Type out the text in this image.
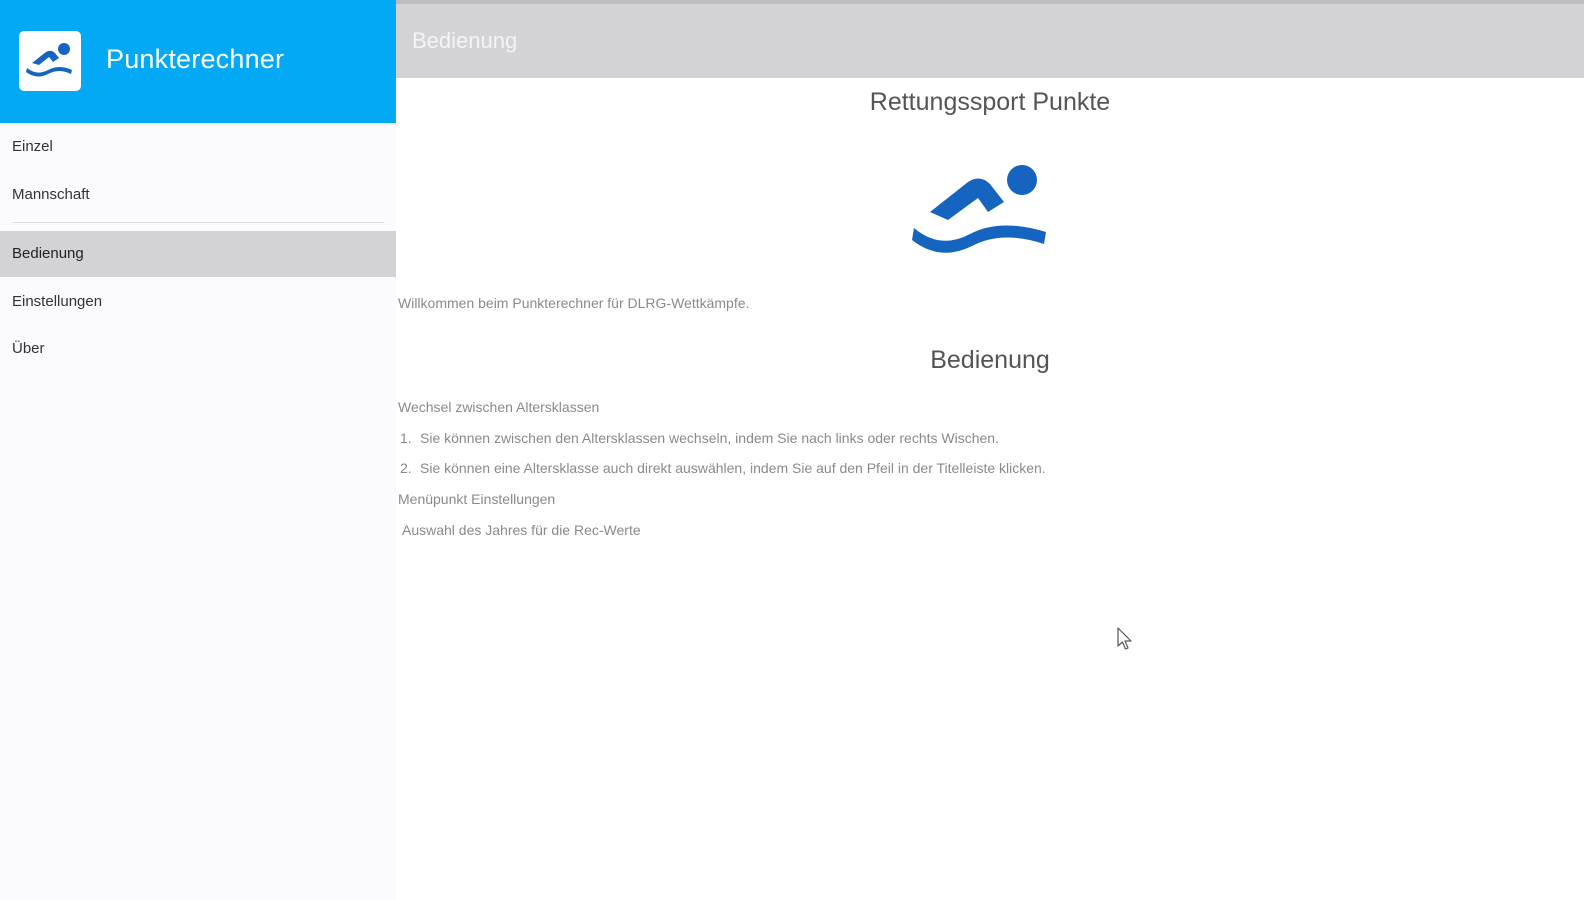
Punkterechner
Einzel
Mannschaft
Bedienung
Einstellungen
Über
Bedienung
Rettungssport Punkte
Willkommen beim Punkterechner für DLRG-Wettkämpfe.
Bedienung
Wechsel zwischen Altersklassen
1. Sie können zwischen den Altersklassen wechseln, indem Sie nach links oder rechts Wischen.
2. Sie können eine Altersklasse auch direkt auswählen, indem Sie auf den Pfeil in der Titelleiste klicken.
Menüpunkt Einstellungen
Auswahl des Jahres für die Rec-Werte
